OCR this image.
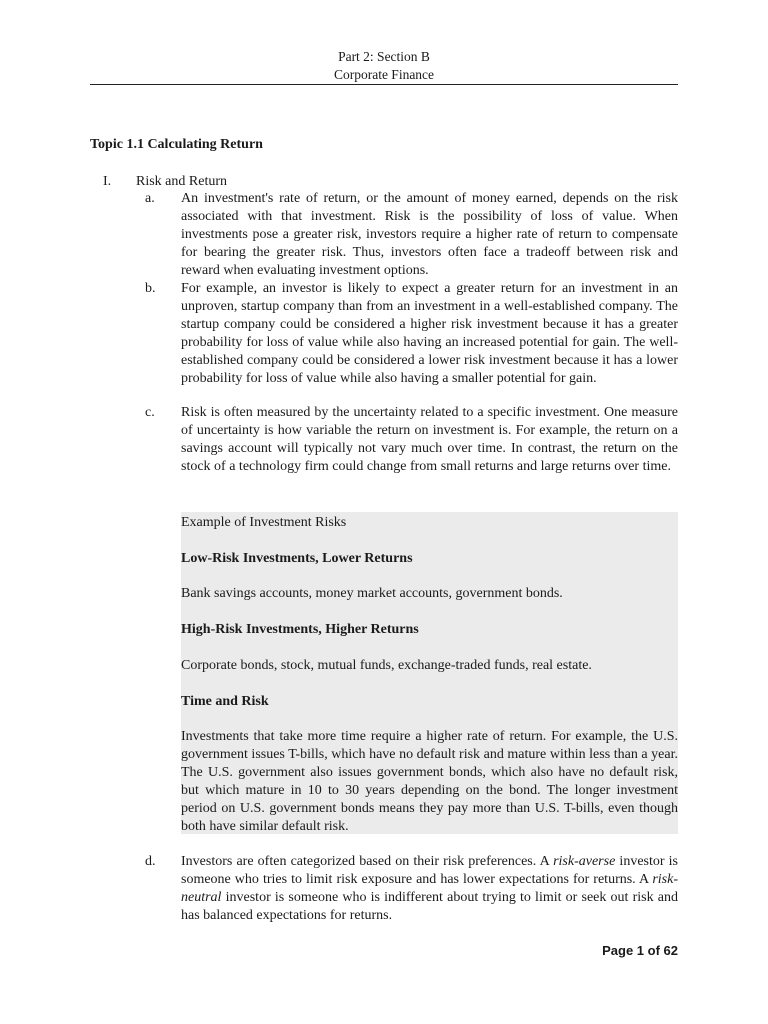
Part 2: Section B
Corporate Finance
Topic 1.1 Calculating Return
I. Risk and Return
a. An investment's rate of return, or the amount of money earned, depends on the risk associated with that investment. Risk is the possibility of loss of value. When investments pose a greater risk, investors require a higher rate of return to compensate for bearing the greater risk. Thus, investors often face a tradeoff between risk and reward when evaluating investment options.
b. For example, an investor is likely to expect a greater return for an investment in an unproven, startup company than from an investment in a well-established company. The startup company could be considered a higher risk investment because it has a greater probability for loss of value while also having an increased potential for gain. The well-established company could be considered a lower risk investment because it has a lower probability for loss of value while also having a smaller potential for gain.
c. Risk is often measured by the uncertainty related to a specific investment. One measure of uncertainty is how variable the return on investment is. For example, the return on a savings account will typically not vary much over time. In contrast, the return on the stock of a technology firm could change from small returns and large returns over time.
Example of Investment Risks
Low-Risk Investments, Lower Returns
Bank savings accounts, money market accounts, government bonds.
High-Risk Investments, Higher Returns
Corporate bonds, stock, mutual funds, exchange-traded funds, real estate.
Time and Risk
Investments that take more time require a higher rate of return. For example, the U.S. government issues T-bills, which have no default risk and mature within less than a year. The U.S. government also issues government bonds, which also have no default risk, but which mature in 10 to 30 years depending on the bond. The longer investment period on U.S. government bonds means they pay more than U.S. T-bills, even though both have similar default risk.
d. Investors are often categorized based on their risk preferences. A risk-averse investor is someone who tries to limit risk exposure and has lower expectations for returns. A risk-neutral investor is someone who is indifferent about trying to limit or seek out risk and has balanced expectations for returns.
Page 1 of 62
